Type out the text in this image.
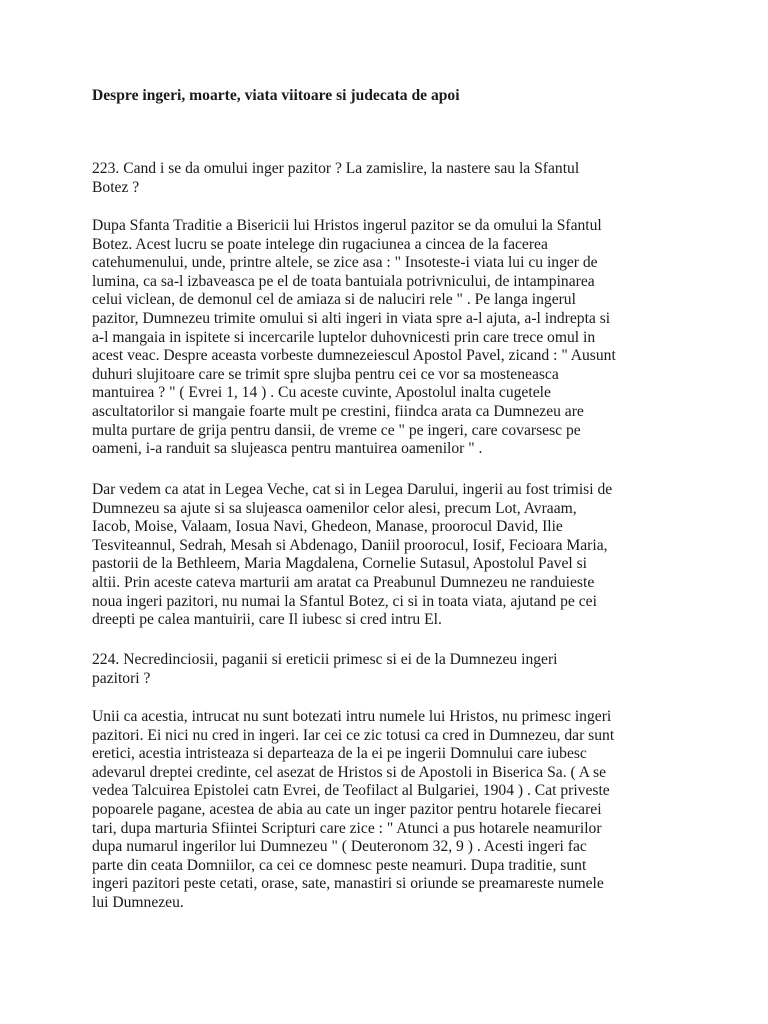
Despre ingeri, moarte, viata viitoare si judecata de apoi

223. Cand i se da omului inger pazitor ? La zamislire, la nastere sau la Sfantul
Botez ?

Dupa Sfanta Traditie a Bisericii lui Hristos ingerul pazitor se da omului la Sfantul
Botez. Acest lucru se poate intelege din rugaciunea a cincea de la facerea
catehumenului, unde, printre altele, se zice asa : " Insoteste-i viata lui cu inger de
lumina, ca sa-l izbaveasca pe el de toata bantuiala potrivnicului, de intampinarea
celui viclean, de demonul cel de amiaza si de naluciri rele " . Pe langa ingerul
pazitor, Dumnezeu trimite omului si alti ingeri in viata spre a-l ajuta, a-l indrepta si
a-l mangaia in ispitete si incercarile luptelor duhovnicesti prin care trece omul in
acest veac. Despre aceasta vorbeste dumnezeiescul Apostol Pavel, zicand : " Ausunt
duhuri slujitoare care se trimit spre slujba pentru cei ce vor sa mosteneasca
mantuirea ? " ( Evrei 1, 14 ) . Cu aceste cuvinte, Apostolul inalta cugetele
ascultatorilor si mangaie foarte mult pe crestini, fiindca arata ca Dumnezeu are
multa purtare de grija pentru dansii, de vreme ce " pe ingeri, care covarsesc pe
oameni, i-a randuit sa slujeasca pentru mantuirea oamenilor " .

Dar vedem ca atat in Legea Veche, cat si in Legea Darului, ingerii au fost trimisi de
Dumnezeu sa ajute si sa slujeasca oamenilor celor alesi, precum Lot, Avraam,
Iacob, Moise, Valaam, Iosua Navi, Ghedeon, Manase, proorocul David, Ilie
Tesviteannul, Sedrah, Mesah si Abdenago, Daniil proorocul, Iosif, Fecioara Maria,
pastorii de la Bethleem, Maria Magdalena, Cornelie Sutasul, Apostolul Pavel si
altii. Prin aceste cateva marturii am aratat ca Preabunul Dumnezeu ne randuieste
noua ingeri pazitori, nu numai la Sfantul Botez, ci si in toata viata, ajutand pe cei
dreepti pe calea mantuirii, care Il iubesc si cred intru El.

224. Necredinciosii, paganii si ereticii primesc si ei de la Dumnezeu ingeri
pazitori ?

Unii ca acestia, intrucat nu sunt botezati intru numele lui Hristos, nu primesc ingeri
pazitori. Ei nici nu cred in ingeri. Iar cei ce zic totusi ca cred in Dumnezeu, dar sunt
eretici, acestia intristeaza si departeaza de la ei pe ingerii Domnului care iubesc
adevarul dreptei credinte, cel asezat de Hristos si de Apostoli in Biserica Sa. ( A se
vedea Talcuirea Epistolei catn Evrei, de Teofilact al Bulgariei, 1904 ) . Cat priveste
popoarele pagane, acestea de abia au cate un inger pazitor pentru hotarele fiecarei
tari, dupa marturia Sfiintei Scripturi care zice : " Atunci a pus hotarele neamurilor
dupa numarul ingerilor lui Dumnezeu " ( Deuteronom 32, 9 ) . Acesti ingeri fac
parte din ceata Domniilor, ca cei ce domnesc peste neamuri. Dupa traditie, sunt
ingeri pazitori peste cetati, orase, sate, manastiri si oriunde se preamareste numele
lui Dumnezeu.
